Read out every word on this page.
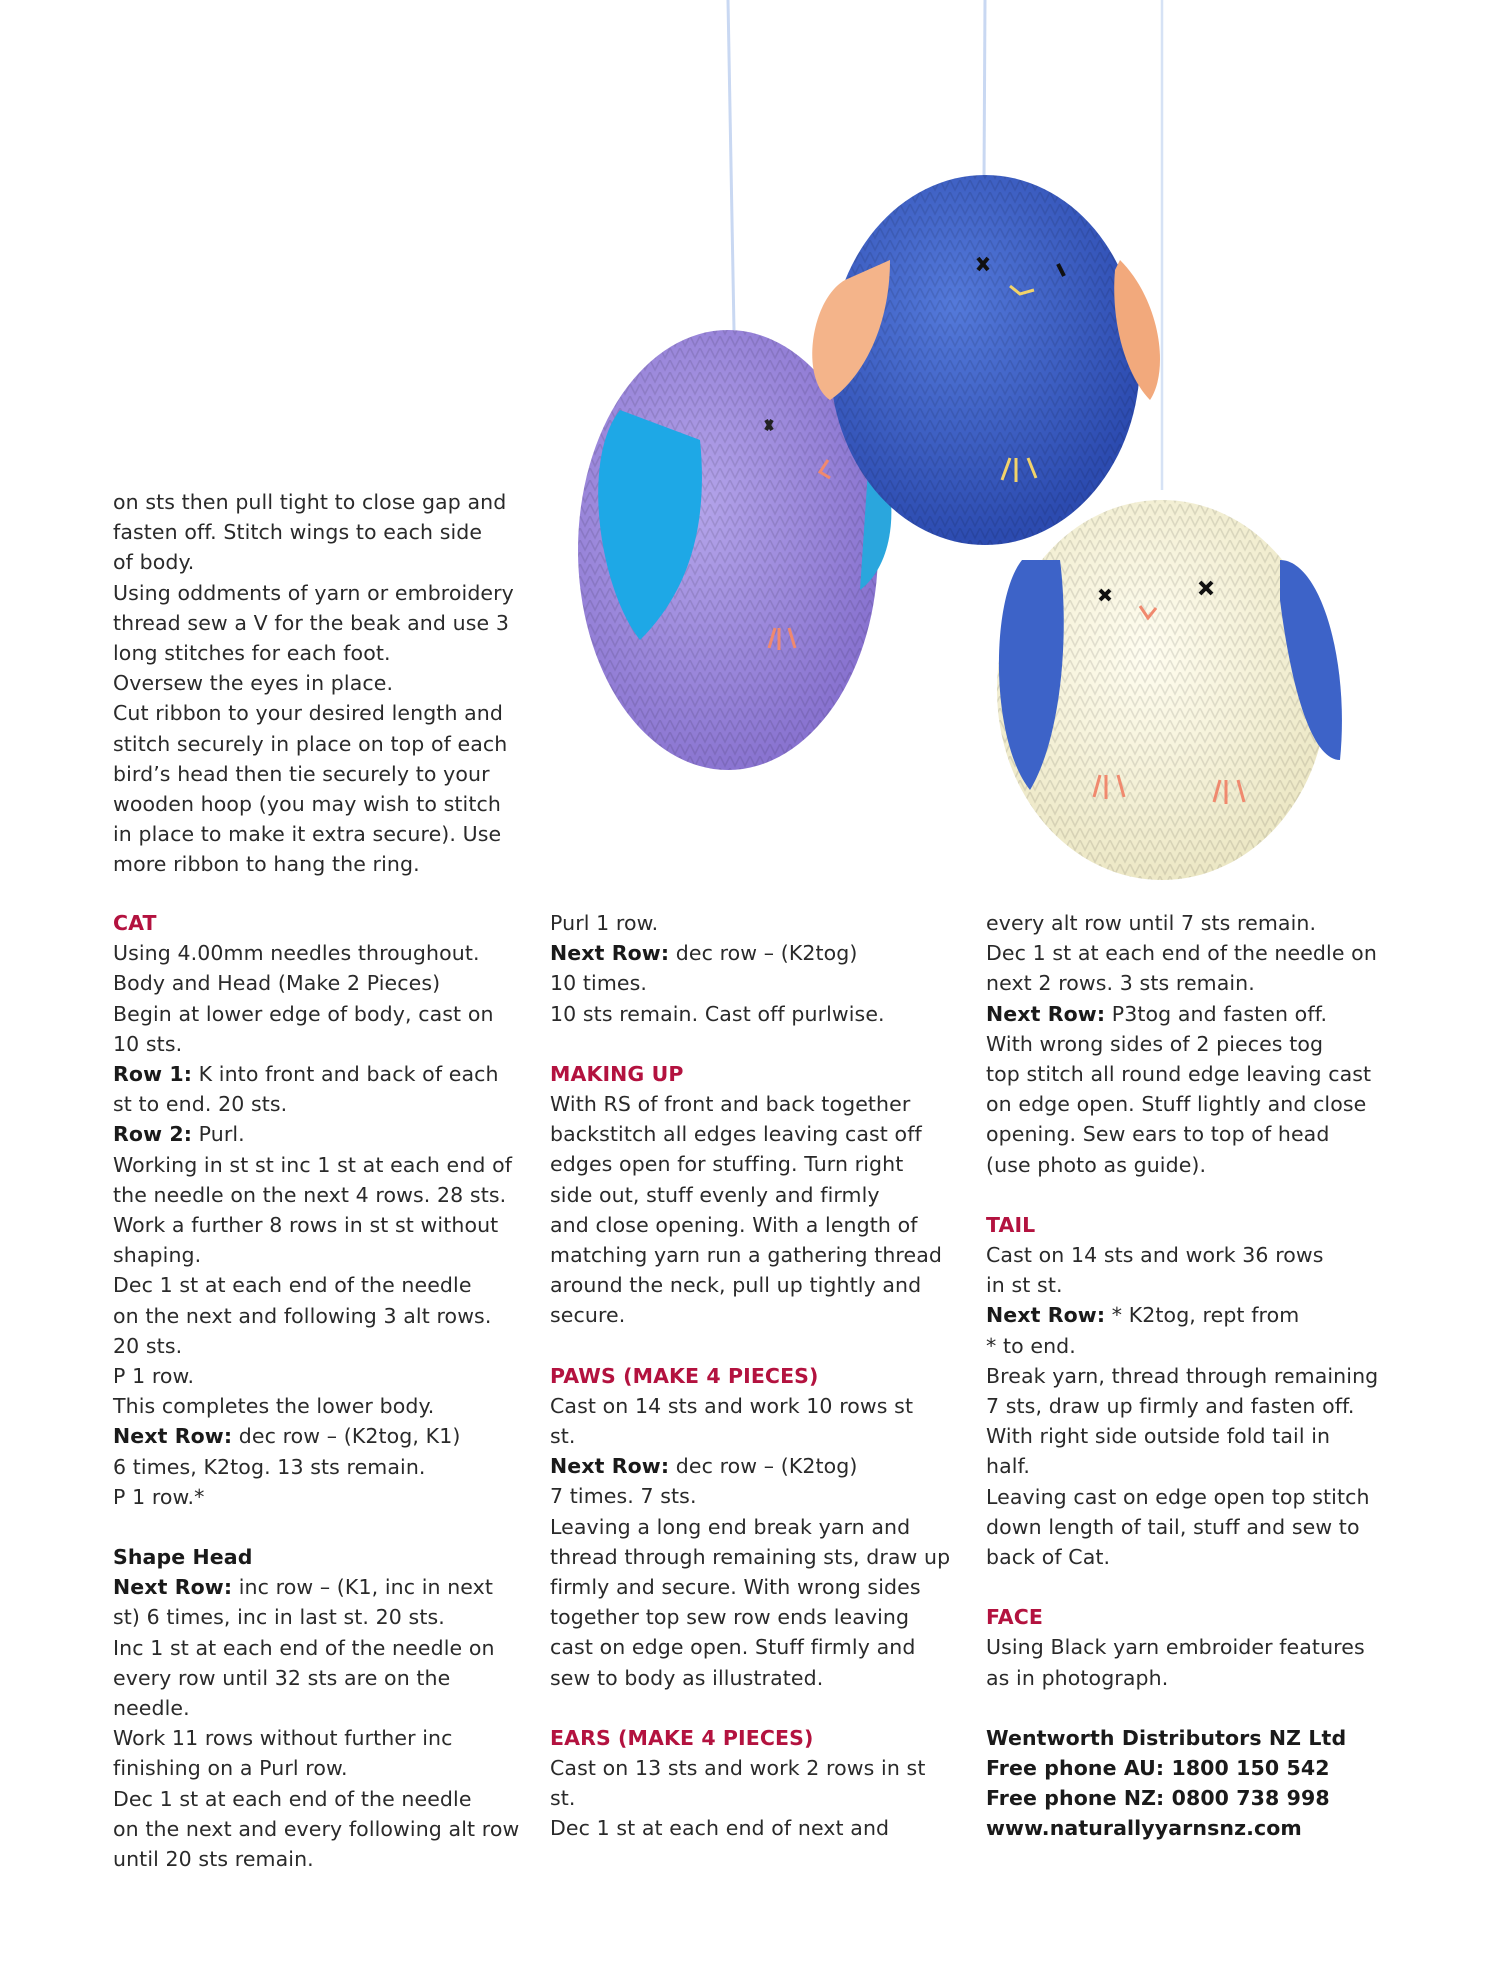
on sts then pull tight to close gap and

fasten off. Stitch wings to each side

of body.

Using oddments of yarn or embroidery

thread sew a V for the beak and use 3

long stitches for each foot.

Oversew the eyes in place.

Cut ribbon to your desired length and

stitch securely in place on top of each

bird’s head then tie securely to your

wooden hoop (you may wish to stitch

in place to make it extra secure). Use

more ribbon to hang the ring.

CAT

Using 4.00mm needles throughout.

Body and Head (Make 2 Pieces)

Begin at lower edge of body, cast on

10 sts.

Row 1: K into front and back of each

st to end. 20 sts.

Row 2: Purl.

Working in st st inc 1 st at each end of

the needle on the next 4 rows. 28 sts.

Work a further 8 rows in st st without

shaping.

Dec 1 st at each end of the needle

on the next and following 3 alt rows.

20 sts.

P 1 row.

This completes the lower body.

Next Row: dec row – (K2tog, K1)

6 times, K2tog. 13 sts remain.

P 1 row.*

Shape Head

Next Row: inc row – (K1, inc in next

st) 6 times, inc in last st. 20 sts.

Inc 1 st at each end of the needle on

every row until 32 sts are on the needle.

Work 11 rows without further inc

finishing on a Purl row.

Dec 1 st at each end of the needle

on the next and every following alt row

until 20 sts remain.

Purl 1 row.

Next Row: dec row – (K2tog)

10 times.

10 sts remain. Cast off purlwise.

MAKING UP

With RS of front and back together

backstitch all edges leaving cast off

edges open for stuffing. Turn right

side out, stuff evenly and firmly

and close opening. With a length of

matching yarn run a gathering thread

around the neck, pull up tightly and

secure.

PAWS (MAKE 4 PIECES)

Cast on 14 sts and work 10 rows st

st.

Next Row: dec row – (K2tog)

7 times. 7 sts.

Leaving a long end break yarn and

thread through remaining sts, draw up

firmly and secure. With wrong sides

together top sew row ends leaving

cast on edge open. Stuff firmly and

sew to body as illustrated.

EARS (MAKE 4 PIECES)

Cast on 13 sts and work 2 rows in st

st.

Dec 1 st at each end of next and

every alt row until 7 sts remain.

Dec 1 st at each end of the needle on

next 2 rows. 3 sts remain.

Next Row: P3tog and fasten off.

With wrong sides of 2 pieces tog

top stitch all round edge leaving cast

on edge open. Stuff lightly and close

opening. Sew ears to top of head

(use photo as guide).

TAIL

Cast on 14 sts and work 36 rows

in st st.

Next Row: * K2tog, rept from

* to end.

Break yarn, thread through remaining

7 sts, draw up firmly and fasten off.

With right side outside fold tail in

half.

Leaving cast on edge open top stitch

down length of tail, stuff and sew to

back of Cat.

FACE

Using Black yarn embroider features

as in photograph.

Wentworth Distributors NZ Ltd

Free phone AU: 1800 150 542

Free phone NZ: 0800 738 998

www.naturallyyarnsnz.com
